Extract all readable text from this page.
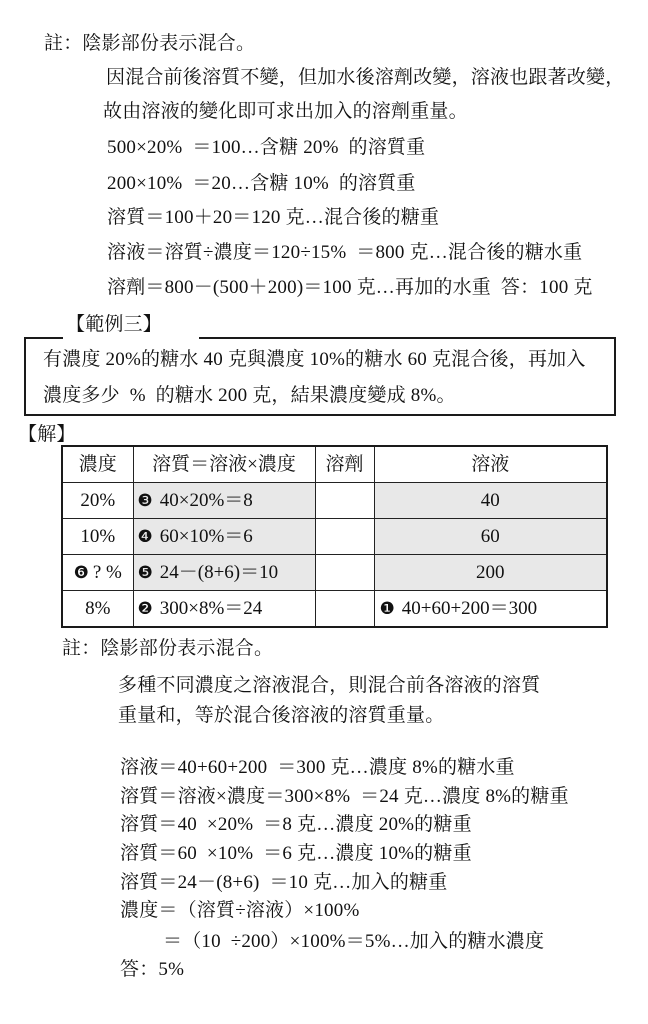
註：陰影部份表示混合。
因混合前後溶質不變，但加水後溶劑改變，溶液也跟著改變，
故由溶液的變化即可求出加入的溶劑重量。
500×20%  ＝100…含糖 20%  的溶質重
200×10%  ＝20…含糖 10%  的溶質重
溶質＝100＋20＝120 克…混合後的糖重
溶液＝溶質÷濃度＝120÷15%  ＝800 克…混合後的糖水重
溶劑＝800－(500＋200)＝100 克…再加的水重  答：100 克
【範例三】
有濃度 20%的糖水 40 克與濃度 10%的糖水 60 克混合後，再加入
濃度多少  %  的糖水 200 克，結果濃度變成 8%。
【解】
濃度	溶質＝溶液×濃度	溶劑	溶液
20%	❸ 40×20%＝8		40
10%	❹ 60×10%＝6		60
❻ ? %	❺ 24－(8+6)＝10		200
8%	❷ 300×8%＝24		❶ 40+60+200＝300
註：陰影部份表示混合。
多種不同濃度之溶液混合，則混合前各溶液的溶質
重量和，等於混合後溶液的溶質重量。
溶液＝40+60+200  ＝300 克…濃度 8%的糖水重
溶質＝溶液×濃度＝300×8%  ＝24 克…濃度 8%的糖重
溶質＝40  ×20%  ＝8 克…濃度 20%的糖重
溶質＝60  ×10%  ＝6 克…濃度 10%的糖重
溶質＝24－(8+6)  ＝10 克…加入的糖重
濃度＝（溶質÷溶液）×100%
＝（10  ÷200）×100%＝5%…加入的糖水濃度
答：5%
